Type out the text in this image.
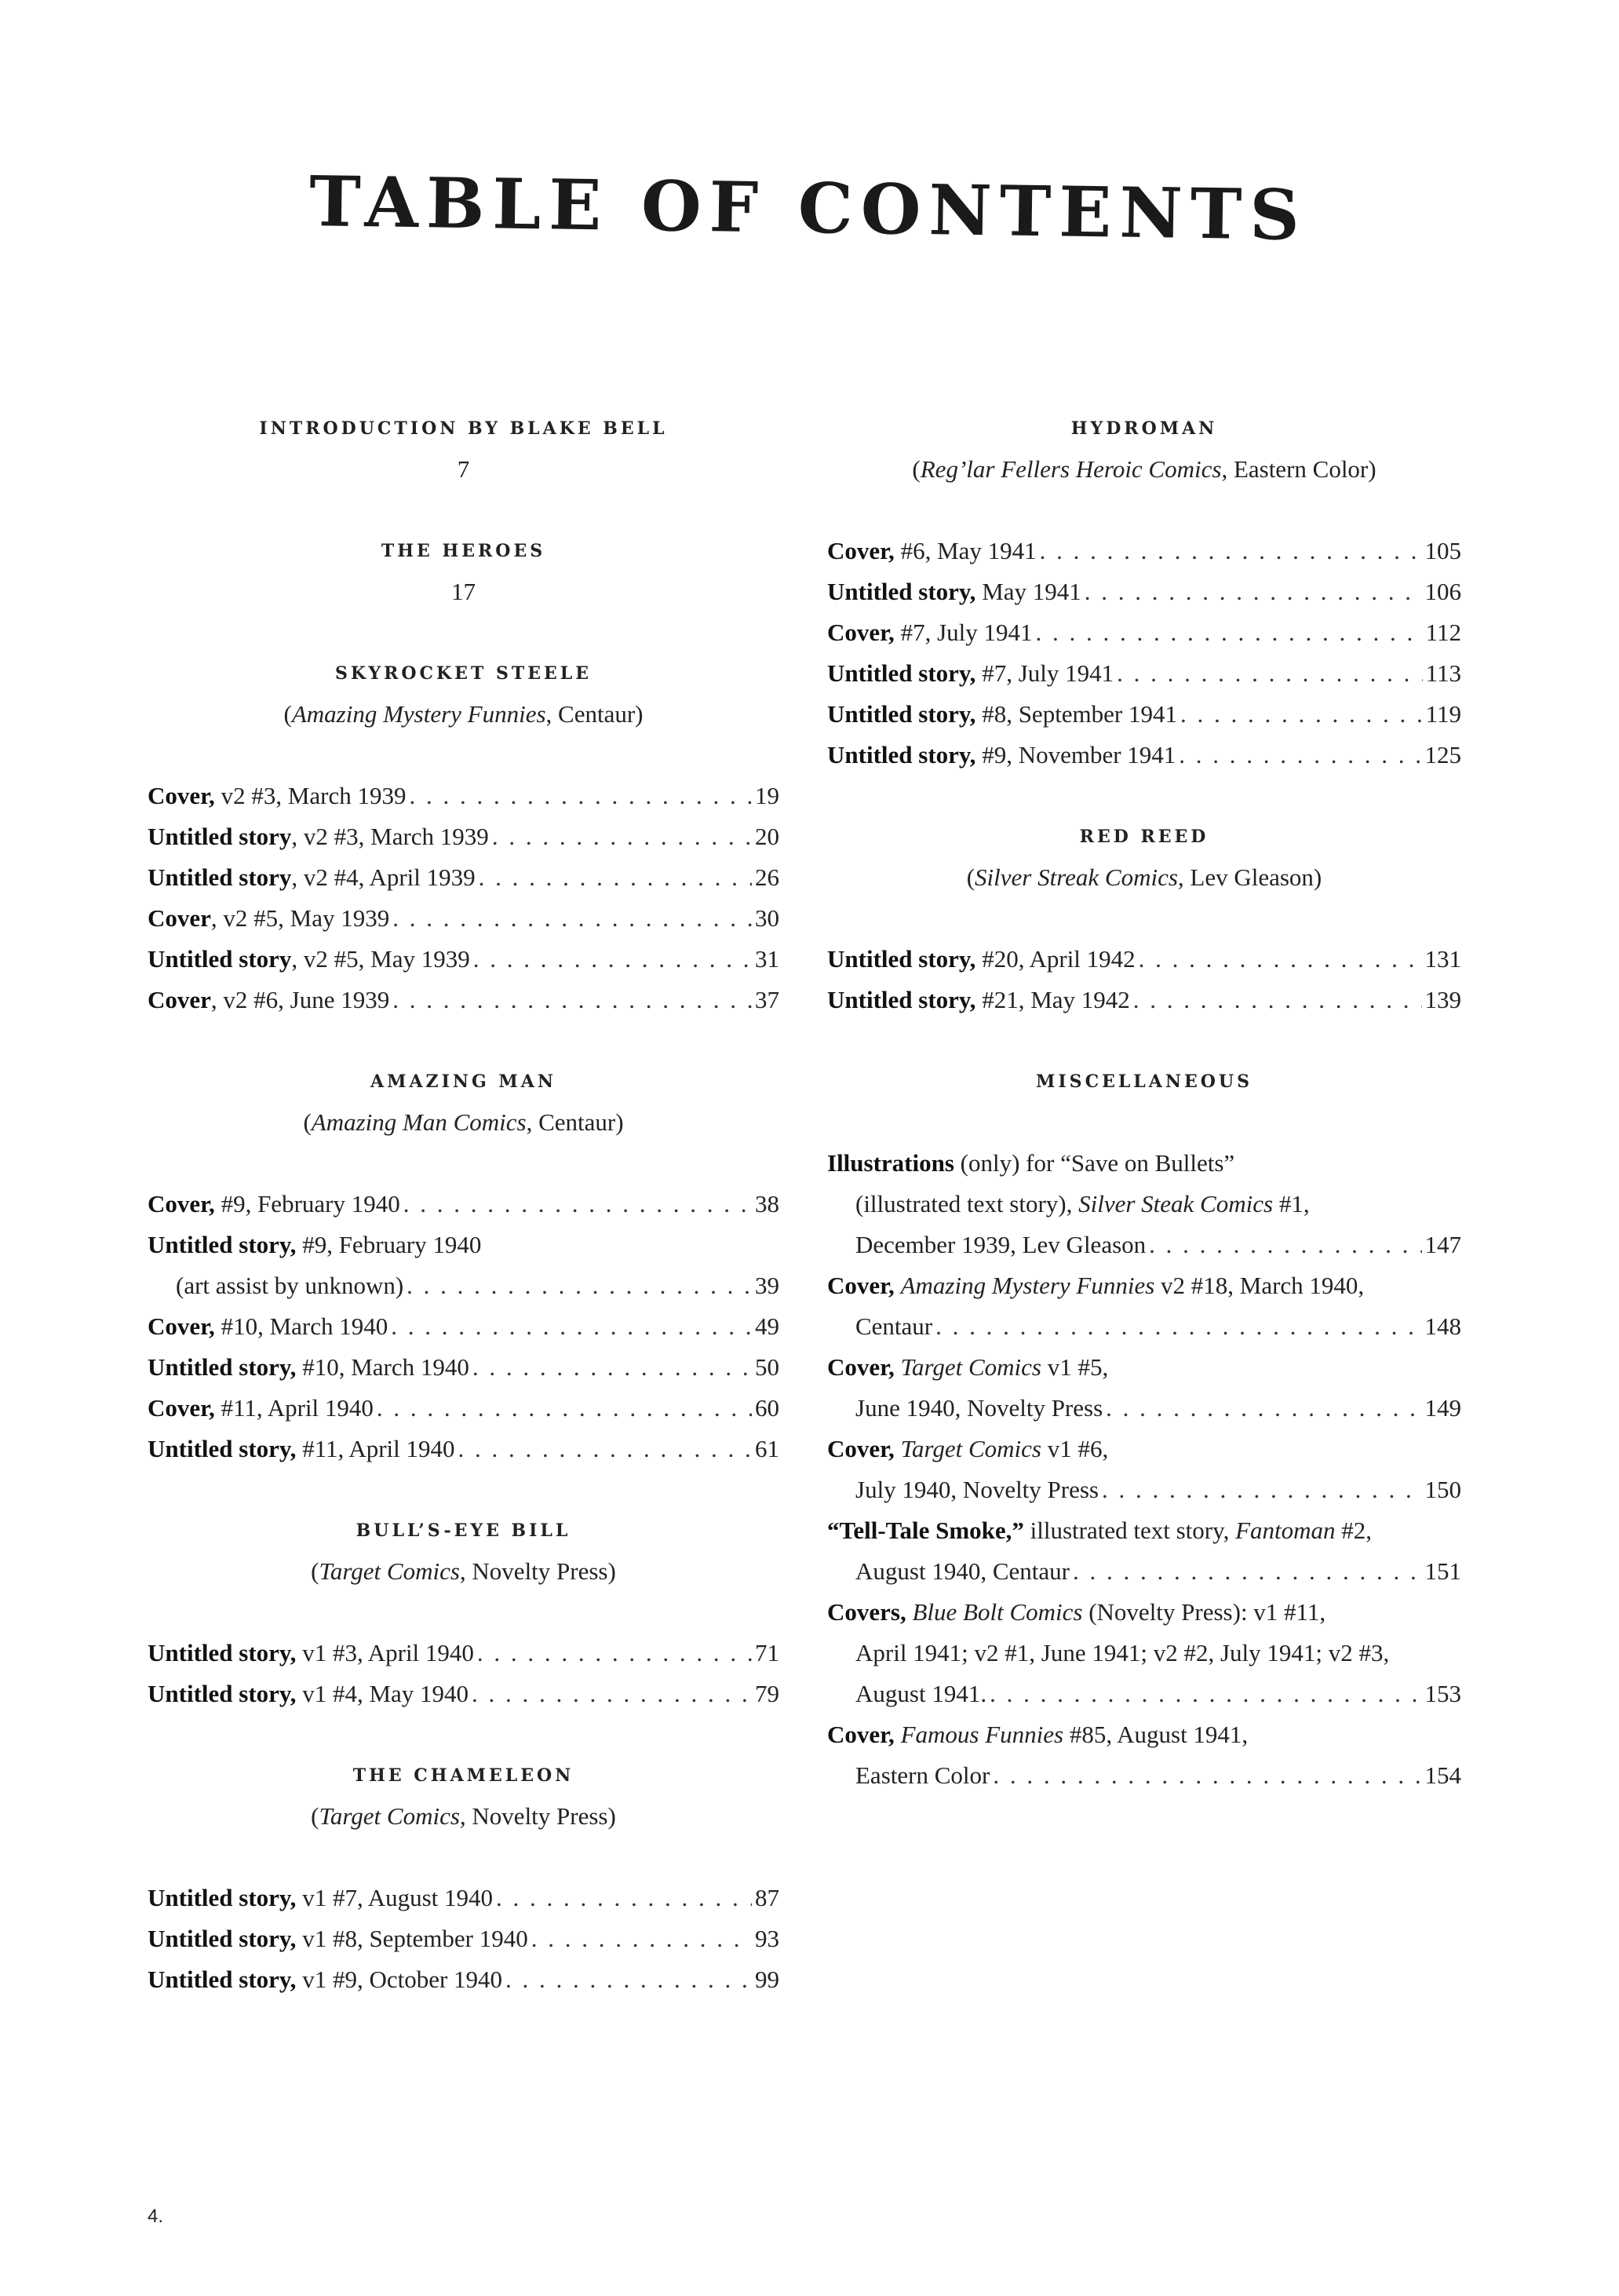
TABLE OF CONTENTS
INTRODUCTION BY BLAKE BELL
7
THE HEROES
17
SKYROCKET STEELE
(Amazing Mystery Funnies, Centaur)
Cover, v2 #3, March 1939 . . .	19
Untitled story, v2 #3, March 1939 . . .	20
Untitled story, v2 #4, April 1939 . . .	26
Cover, v2 #5, May 1939 . . .	30
Untitled story, v2 #5, May 1939 . . .	31
Cover, v2 #6, June 1939 . . .	37
AMAZING MAN
(Amazing Man Comics, Centaur)
Cover, #9, February 1940 . . .	38
Untitled story, #9, February 1940
(art assist by unknown) . . .	39
Cover, #10, March 1940 . . .	49
Untitled story, #10, March 1940 . . .	50
Cover, #11, April 1940 . . .	60
Untitled story, #11, April 1940 . . .	61
BULL’S-EYE BILL
(Target Comics, Novelty Press)
Untitled story, v1 #3, April 1940 . . .	71
Untitled story, v1 #4, May 1940 . . .	79
THE CHAMELEON
(Target Comics, Novelty Press)
Untitled story, v1 #7, August 1940 . . .	87
Untitled story, v1 #8, September 1940 . . .	93
Untitled story, v1 #9, October 1940 . . .	99
HYDROMAN
(Reg’lar Fellers Heroic Comics, Eastern Color)
Cover, #6, May 1941 . . .	105
Untitled story, May 1941 . . .	106
Cover, #7, July 1941 . . .	112
Untitled story, #7, July 1941 . . .	113
Untitled story, #8, September 1941 . . .	119
Untitled story, #9, November 1941 . . .	125
RED REED
(Silver Streak Comics, Lev Gleason)
Untitled story, #20, April 1942 . . .	131
Untitled story, #21, May 1942 . . .	139
MISCELLANEOUS
Illustrations (only) for “Save on Bullets”
(illustrated text story), Silver Steak Comics #1,
December 1939, Lev Gleason . . .	147
Cover, Amazing Mystery Funnies v2 #18, March 1940,
Centaur . . .	148
Cover, Target Comics v1 #5,
June 1940, Novelty Press . . .	149
Cover, Target Comics v1 #6,
July 1940, Novelty Press . . .	150
“Tell-Tale Smoke,” illustrated text story, Fantoman #2,
August 1940, Centaur . . .	151
Covers, Blue Bolt Comics (Novelty Press): v1 #11,
April 1941; v2 #1, June 1941; v2 #2, July 1941; v2 #3,
August 1941. . . .	153
Cover, Famous Funnies #85, August 1941,
Eastern Color . . .	154
4.
